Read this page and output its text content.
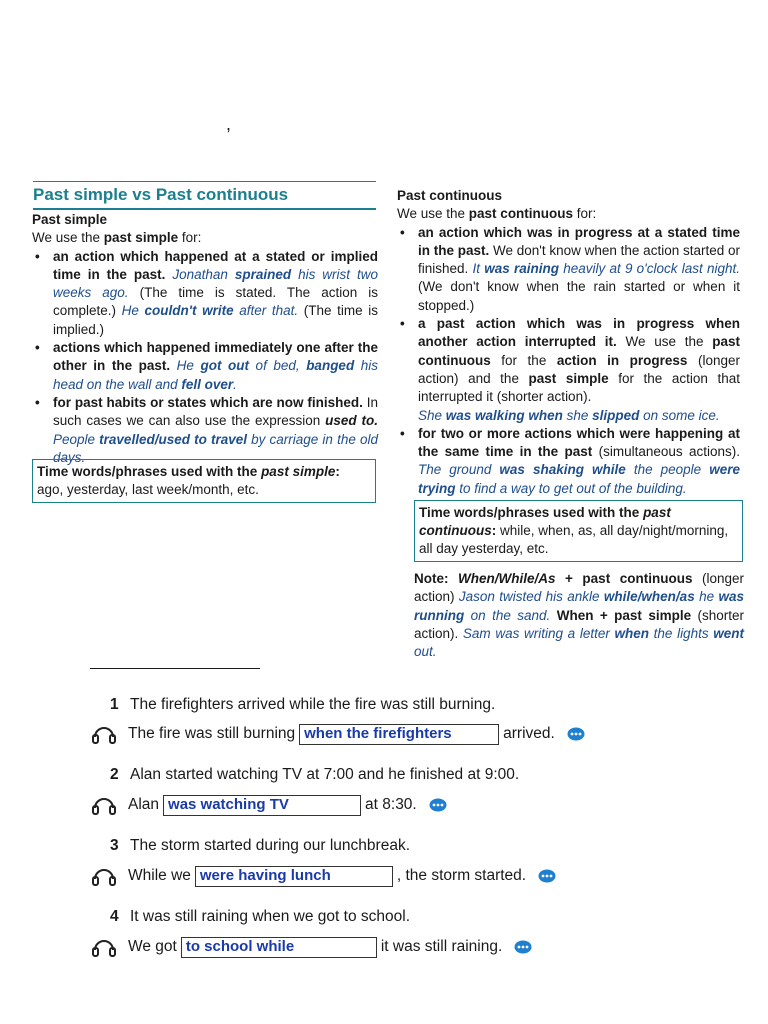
,
Past simple vs Past continuous
Past simple
We use the past simple for:
• an action which happened at a stated or implied time in the past. Jonathan sprained his wrist two weeks ago. (The time is stated. The action is complete.) He couldn't write after that. (The time is implied.)
• actions which happened immediately one after the other in the past. He got out of bed, banged his head on the wall and fell over.
• for past habits or states which are now finished. In such cases we can also use the expression used to. People travelled/used to travel by carriage in the old days.
Time words/phrases used with the past simple:
ago, yesterday, last week/month, etc.
Past continuous
We use the past continuous for:
• an action which was in progress at a stated time in the past. We don't know when the action started or finished. It was raining heavily at 9 o'clock last night. (We don't know when the rain started or when it stopped.)
• a past action which was in progress when another action interrupted it. We use the past continuous for the action in progress (longer action) and the past simple for the action that interrupted it (shorter action).
She was walking when she slipped on some ice.
• for two or more actions which were happening at the same time in the past (simultaneous actions). The ground was shaking while the people were trying to find a way to get out of the building.
Time words/phrases used with the past continuous: while, when, as, all day/night/morning, all day yesterday, etc.
Note: When/While/As + past continuous (longer action) Jason twisted his ankle while/when/as he was running on the sand. When + past simple (shorter action). Sam was writing a letter when the lights went out.
1 The firefighters arrived while the fire was still burning.
The fire was still burning when the firefighters	arrived.
2 Alan started watching TV at 7:00 and he finished at 9:00.
Alan was watching TV	at 8:30.
3 The storm started during our lunchbreak.
While we were having lunch	, the storm started.
4 It was still raining when we got to school.
We got to school while	it was still raining.
